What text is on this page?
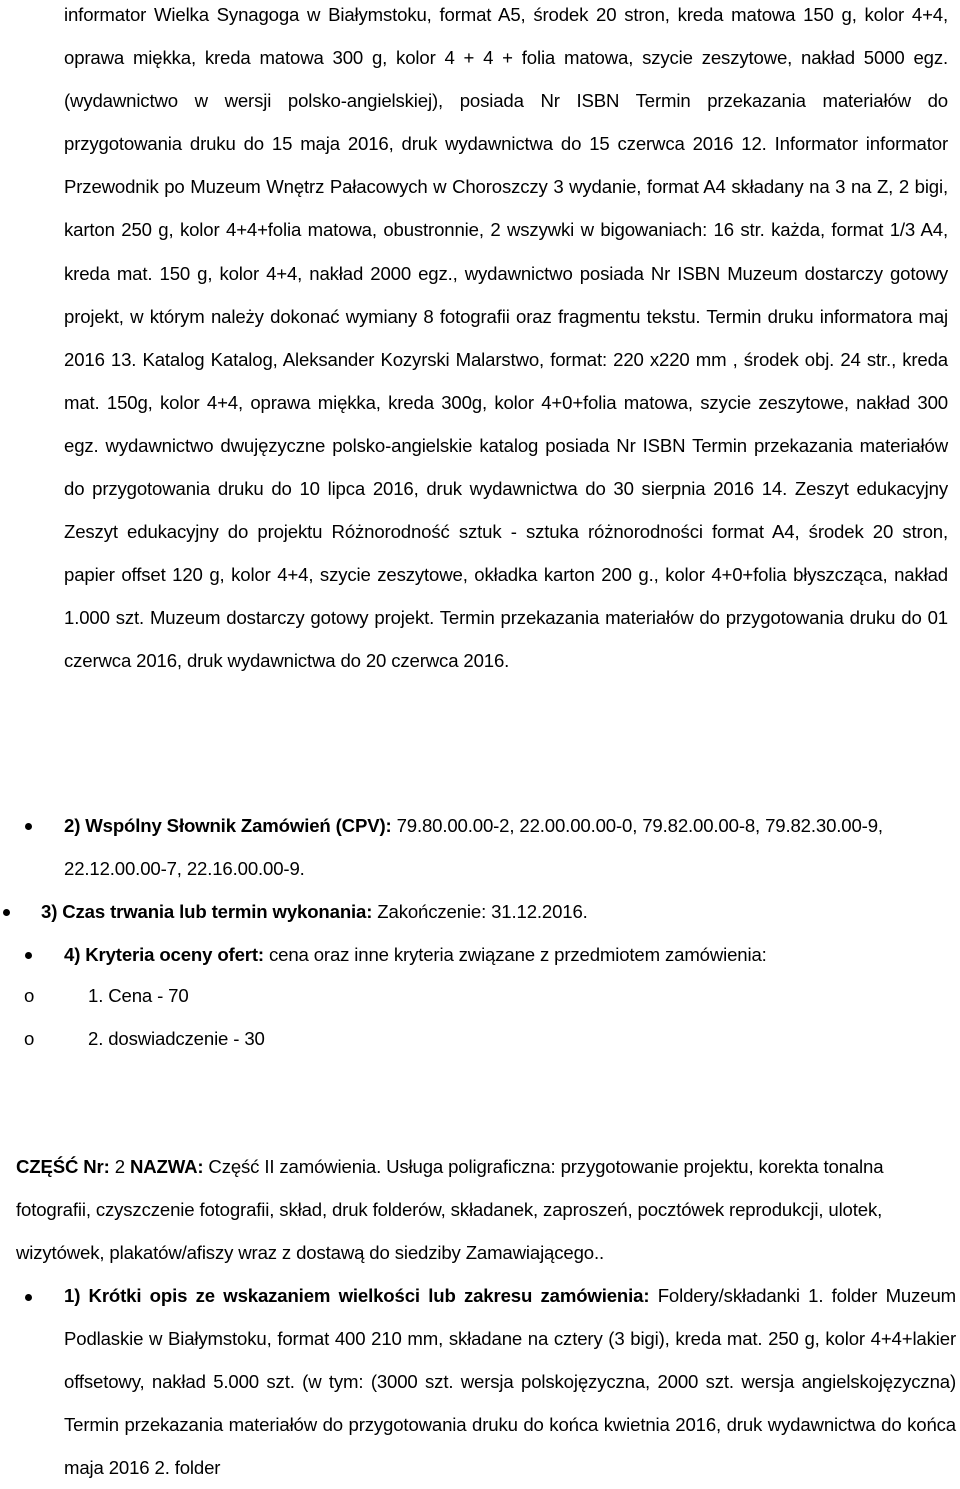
informator Wielka Synagoga w Białymstoku, format A5, środek 20 stron, kreda matowa 150 g, kolor 4+4, oprawa miękka, kreda matowa 300 g, kolor 4 + 4 + folia matowa, szycie zeszytowe, nakład 5000 egz. (wydawnictwo w wersji polsko-angielskiej), posiada Nr ISBN Termin przekazania materiałów do przygotowania druku do 15 maja 2016, druk wydawnictwa do 15 czerwca 2016 12. Informator informator Przewodnik po Muzeum Wnętrz Pałacowych w Choroszczy 3 wydanie, format A4 składany na 3 na Z, 2 bigi, karton 250 g, kolor 4+4+folia matowa, obustronnie, 2 wszywki w bigowaniach: 16 str. każda, format 1/3 A4, kreda mat. 150 g, kolor 4+4, nakład 2000 egz., wydawnictwo posiada Nr ISBN Muzeum dostarczy gotowy projekt, w którym należy dokonać wymiany 8 fotografii oraz fragmentu tekstu. Termin druku informatora maj 2016 13. Katalog Katalog, Aleksander Kozyrski Malarstwo, format: 220 x220 mm , środek obj. 24 str., kreda mat. 150g, kolor 4+4, oprawa miękka, kreda 300g, kolor 4+0+folia matowa, szycie zeszytowe, nakład 300 egz. wydawnictwo dwujęzyczne polsko-angielskie katalog posiada Nr ISBN Termin przekazania materiałów do przygotowania druku do 10 lipca 2016, druk wydawnictwa do 30 sierpnia 2016 14. Zeszyt edukacyjny Zeszyt edukacyjny do projektu Różnorodność sztuk - sztuka różnorodności format A4, środek 20 stron, papier offset 120 g, kolor 4+4, szycie zeszytowe, okładka karton 200 g., kolor 4+0+folia błyszcząca, nakład 1.000 szt. Muzeum dostarczy gotowy projekt. Termin przekazania materiałów do przygotowania druku do 01 czerwca 2016, druk wydawnictwa do 20 czerwca 2016.

2) Wspólny Słownik Zamówień (CPV): 79.80.00.00-2, 22.00.00.00-0, 79.82.00.00-8, 79.82.30.00-9, 22.12.00.00-7, 22.16.00.00-9.

3) Czas trwania lub termin wykonania: Zakończenie: 31.12.2016.

4) Kryteria oceny ofert: cena oraz inne kryteria związane z przedmiotem zamówienia:

o	1. Cena - 70

o	2. doswiadczenie - 30

CZĘŚĆ Nr: 2 NAZWA: Część II zamówienia. Usługa poligraficzna: przygotowanie projektu, korekta tonalna fotografii, czyszczenie fotografii, skład, druk folderów, składanek, zaproszeń, pocztówek reprodukcji, ulotek, wizytówek, plakatów/afiszy wraz z dostawą do siedziby Zamawiającego..

1) Krótki opis ze wskazaniem wielkości lub zakresu zamówienia: Foldery/składanki 1. folder Muzeum Podlaskie w Białymstoku, format 400 210 mm, składane na cztery (3 bigi), kreda mat. 250 g, kolor 4+4+lakier offsetowy, nakład 5.000 szt. (w tym: (3000 szt. wersja polskojęzyczna, 2000 szt. wersja angielskojęzyczna) Termin przekazania materiałów do przygotowania druku do końca kwietnia 2016, druk wydawnictwa do końca maja 2016 2. folder
